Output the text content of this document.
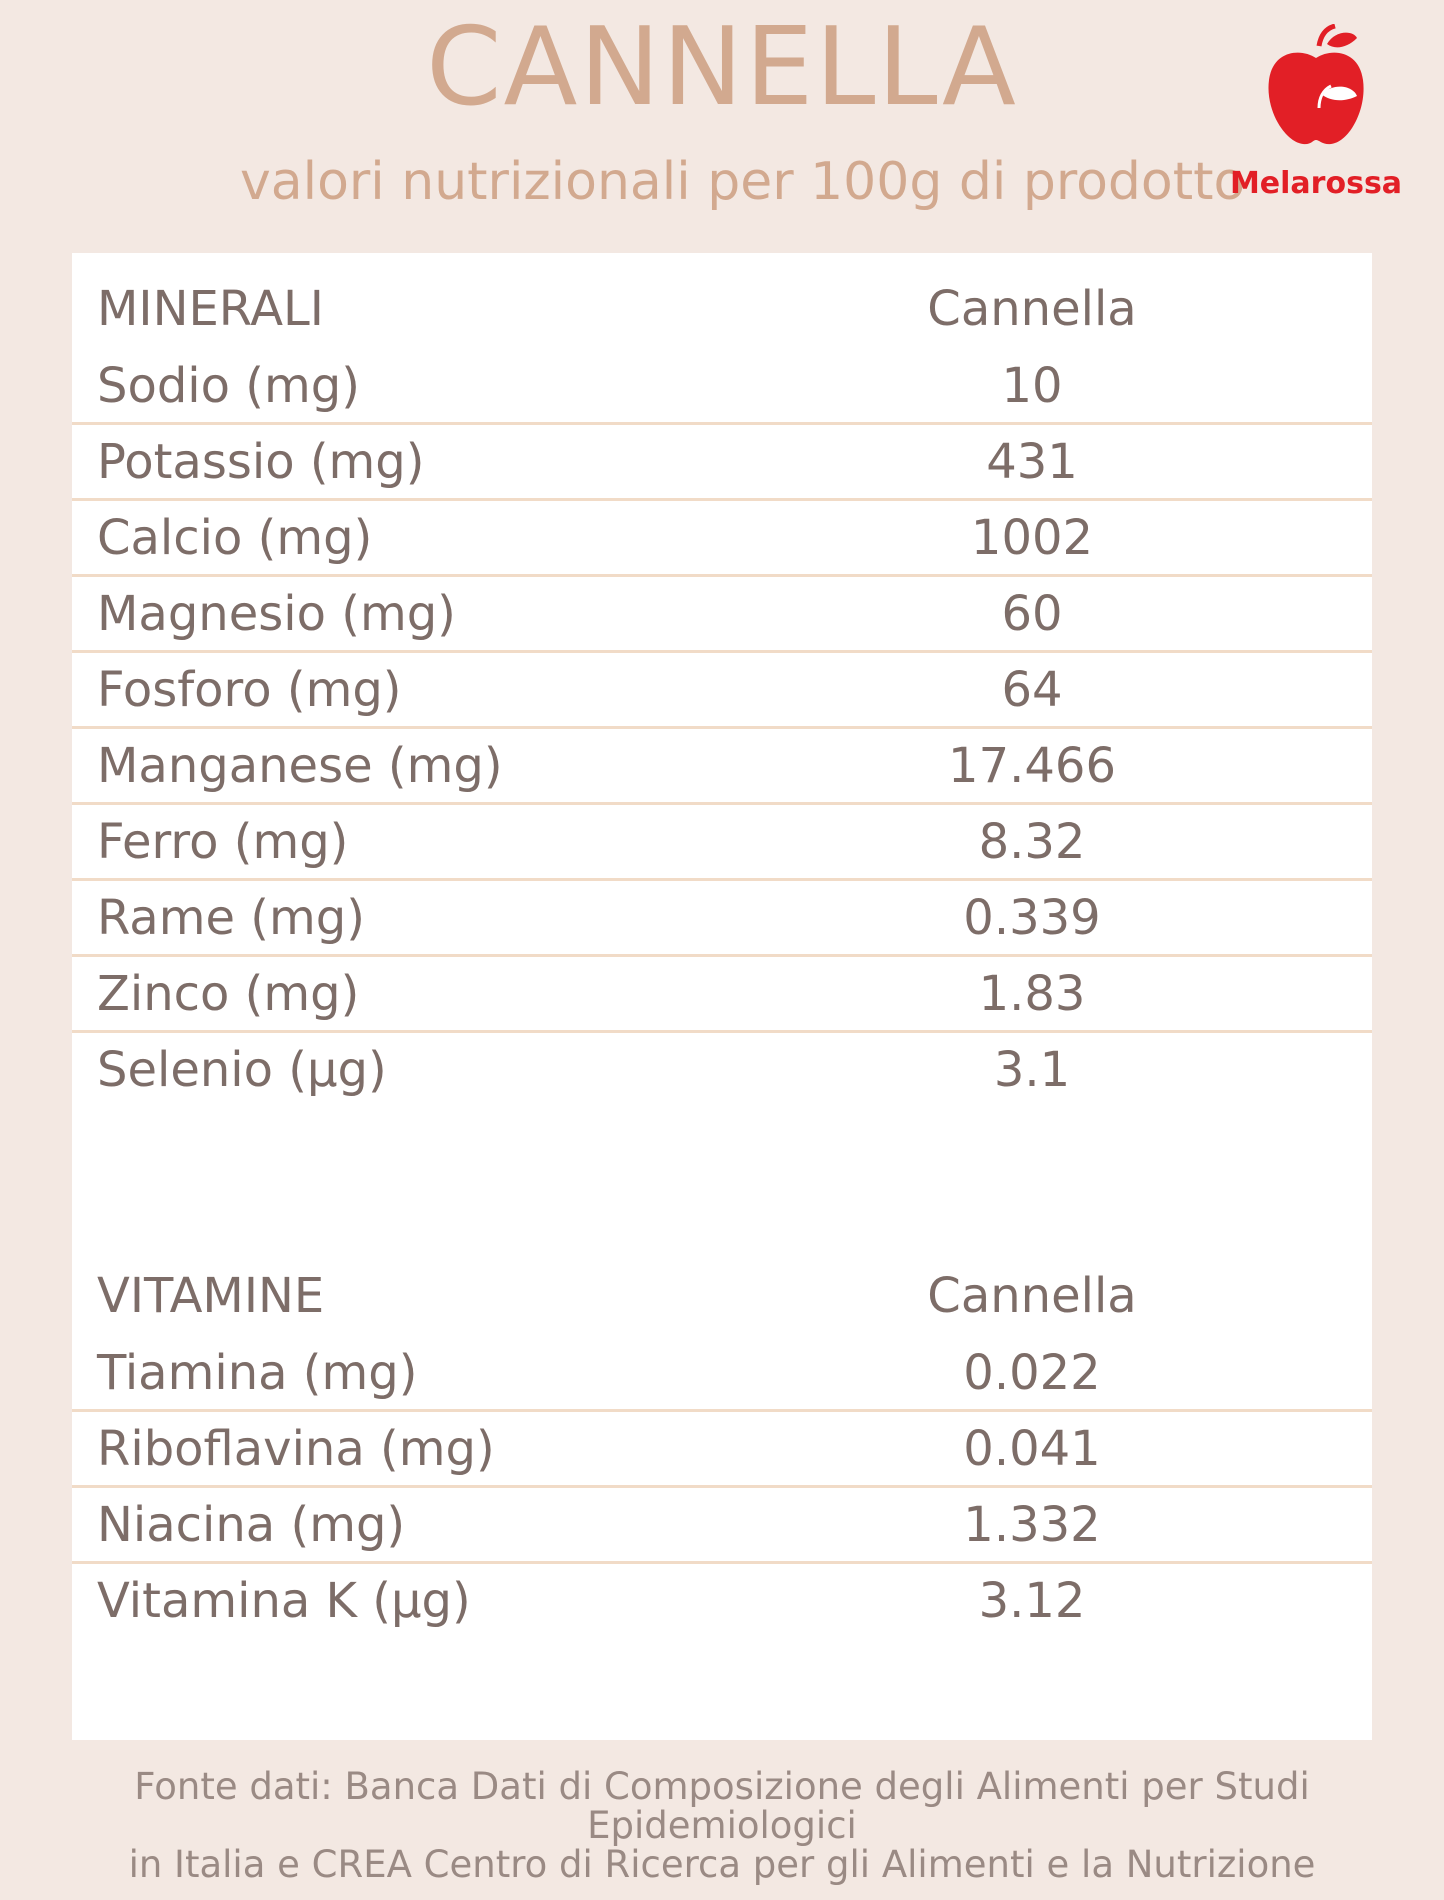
CANNELLA
valori nutrizionali per 100g di prodotto
Melarossa
MINERALI	Cannella
Sodio (mg)	10
Potassio (mg)	431
Calcio (mg)	1002
Magnesio (mg)	60
Fosforo (mg)	64
Manganese (mg)	17.466
Ferro (mg)	8.32
Rame (mg)	0.339
Zinco (mg)	1.83
Selenio (µg)	3.1
VITAMINE	Cannella
Tiamina (mg)	0.022
Riboflavina (mg)	0.041
Niacina (mg)	1.332
Vitamina K (µg)	3.12
Fonte dati: Banca Dati di Composizione degli Alimenti per Studi Epidemiologici
in Italia e CREA Centro di Ricerca per gli Alimenti e la Nutrizione
